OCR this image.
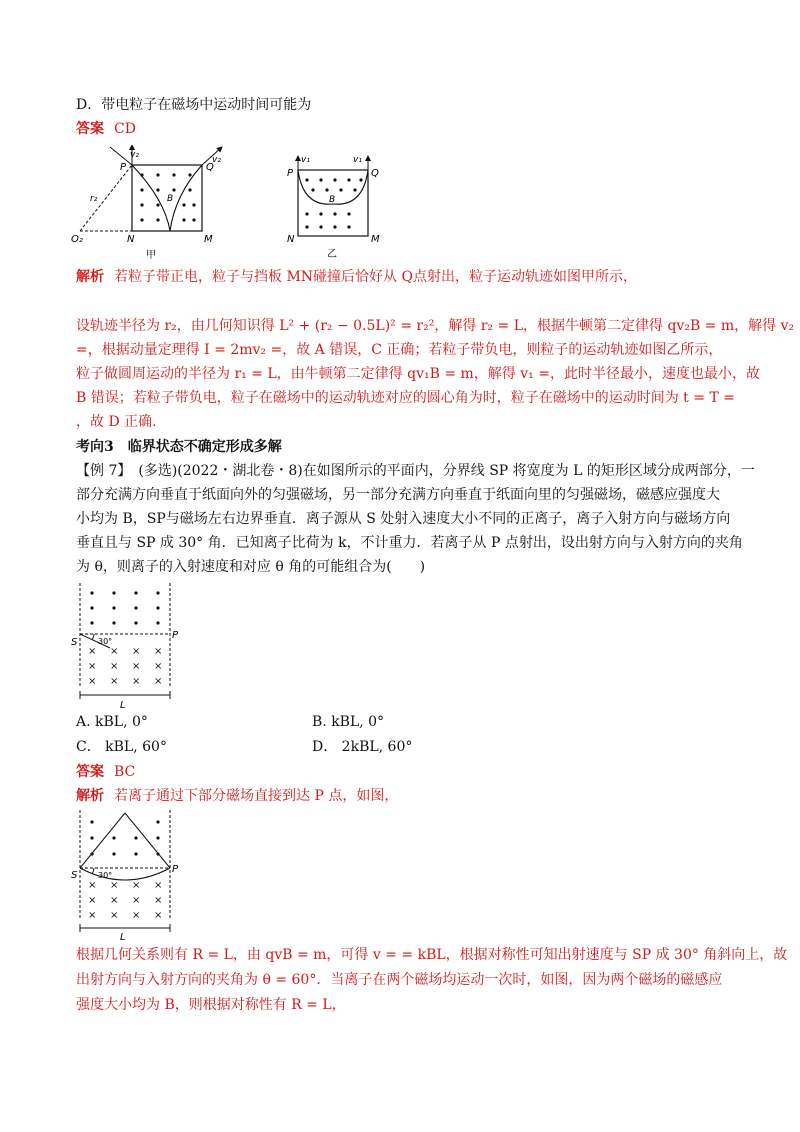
D．带电粒子在磁场中运动时间可能为
答案 CD
P	Q
N	M
O₂
r₂
v₂	v₂
B
甲
P	Q
N	M
v₁	v₁
B
乙
解析 若粒子带正电，粒子与挡板 MN碰撞后恰好从 Q点射出，粒子运动轨迹如图甲所示，
设轨迹半径为 r₂，由几何知识得 L² + (r₂ − 0.5L)² = r₂²，解得 r₂ = L，根据牛顿第二定律得 qv₂B = m，解得 v₂
=，根据动量定理得 I = 2mv₂ =，故 A 错误，C 正确；若粒子带负电，则粒子的运动轨迹如图乙所示，
粒子做圆周运动的半径为 r₁ = L，由牛顿第二定律得 qv₁B = m，解得 v₁ =，此时半径最小，速度也最小，故
B 错误；若粒子带负电，粒子在磁场中的运动轨迹对应的圆心角为时，粒子在磁场中的运动时间为 t = T =
，故 D 正确.
考向3　临界状态不确定形成多解
【例 7】　(多选)(2022・湖北卷・8)在如图所示的平面内，分界线 SP 将宽度为 L 的矩形区域分成两部分，一
部分充满方向垂直于纸面向外的匀强磁场，另一部分充满方向垂直于纸面向里的匀强磁场，磁感应强度大
小均为 B，SP与磁场左右边界垂直．离子源从 S 处射入速度大小不同的正离子，离子入射方向与磁场方向
垂直且与 SP 成 30° 角．已知离子比荷为 k，不计重力．若离子从 P 点射出，设出射方向与入射方向的夹角
为 θ，则离子的入射速度和对应 θ 角的可能组合为(　　)
× × × ×
× × × ×
× × × ×
S
P
30°
L
A. kBL, 0°	B. kBL, 0°
C． kBL, 60°	D． 2kBL, 60°
答案 BC
解析 若离子通过下部分磁场直接到达 P 点，如图，
× × × ×
× × × ×
× × × ×
S
P
30°
L
根据几何关系则有 R = L，由 qvB = m，可得 v = = kBL，根据对称性可知出射速度与 SP 成 30° 角斜向上，故
出射方向与入射方向的夹角为 θ = 60°．当离子在两个磁场均运动一次时，如图，因为两个磁场的磁感应
强度大小均为 B，则根据对称性有 R = L，
